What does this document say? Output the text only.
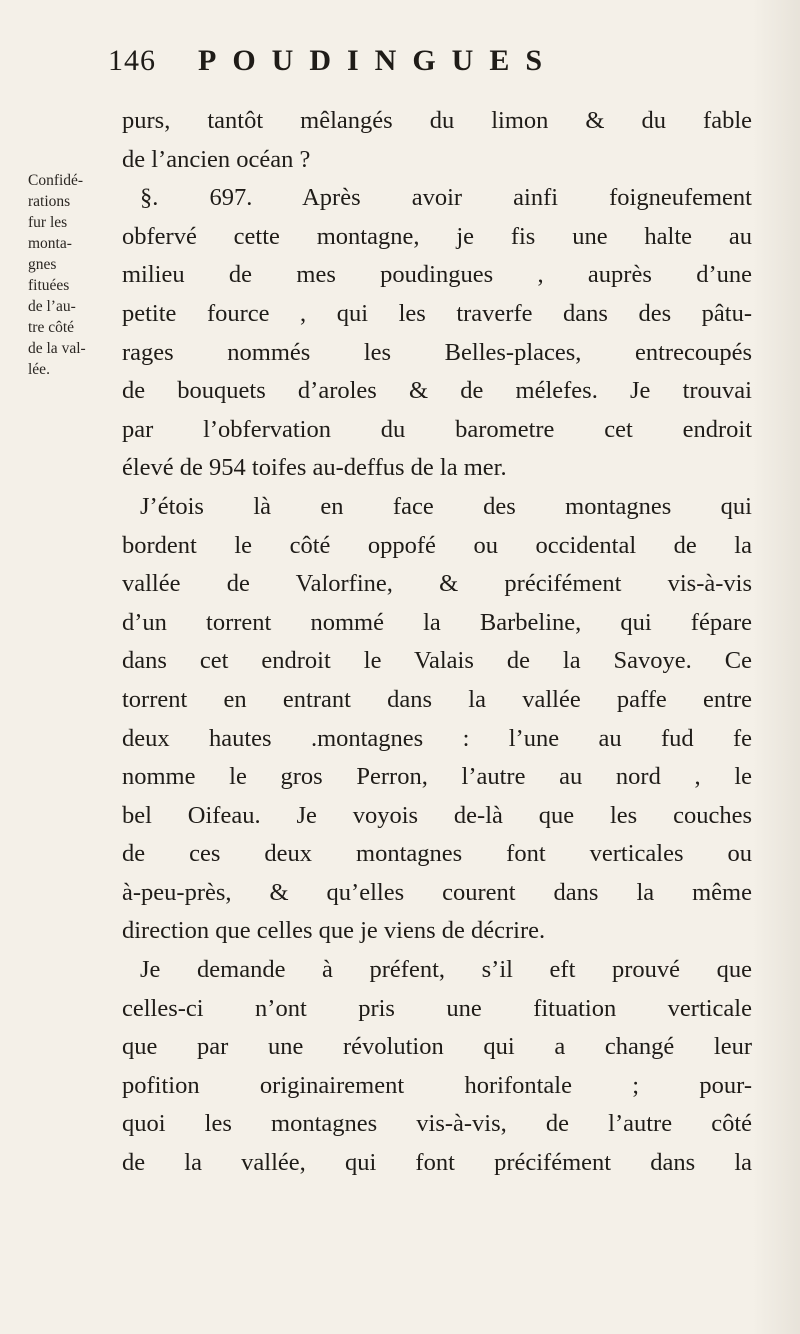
146	POUDINGUES
Confidé-
rations
fur les
monta-
gnes
fituées
de l’au-
tre côté
de la val-
lée.
purs, tantôt mêlangés du limon & du fable
de l’ancien océan ?
§. 697. Après avoir ainfi foigneufement
obfervé cette montagne, je fis une halte au
milieu de mes poudingues , auprès d’une
petite fource , qui les traverfe dans des pâtu-
rages nommés les Belles-places, entrecoupés
de bouquets d’aroles & de mélefes. Je trouvai
par l’obfervation du barometre cet endroit
élevé de 954 toifes au-deffus de la mer.
J’étois là en face des montagnes qui
bordent le côté oppofé ou occidental de la
vallée de Valorfine, & précifément vis-à-vis
d’un torrent nommé la Barbeline, qui fépare
dans cet endroit le Valais de la Savoye. Ce
torrent en entrant dans la vallée paffe entre
deux hautes .montagnes : l’une au fud fe
nomme le gros Perron, l’autre au nord , le
bel Oifeau. Je voyois de-là que les couches
de ces deux montagnes font verticales ou
à-peu-près, & qu’elles courent dans la même
direction que celles que je viens de décrire.
Je demande à préfent, s’il eft prouvé que
celles-ci n’ont pris une fituation verticale
que par une révolution qui a changé leur
pofition originairement horifontale ; pour-
quoi les montagnes vis-à-vis, de l’autre côté
de la vallée, qui font précifément dans la
